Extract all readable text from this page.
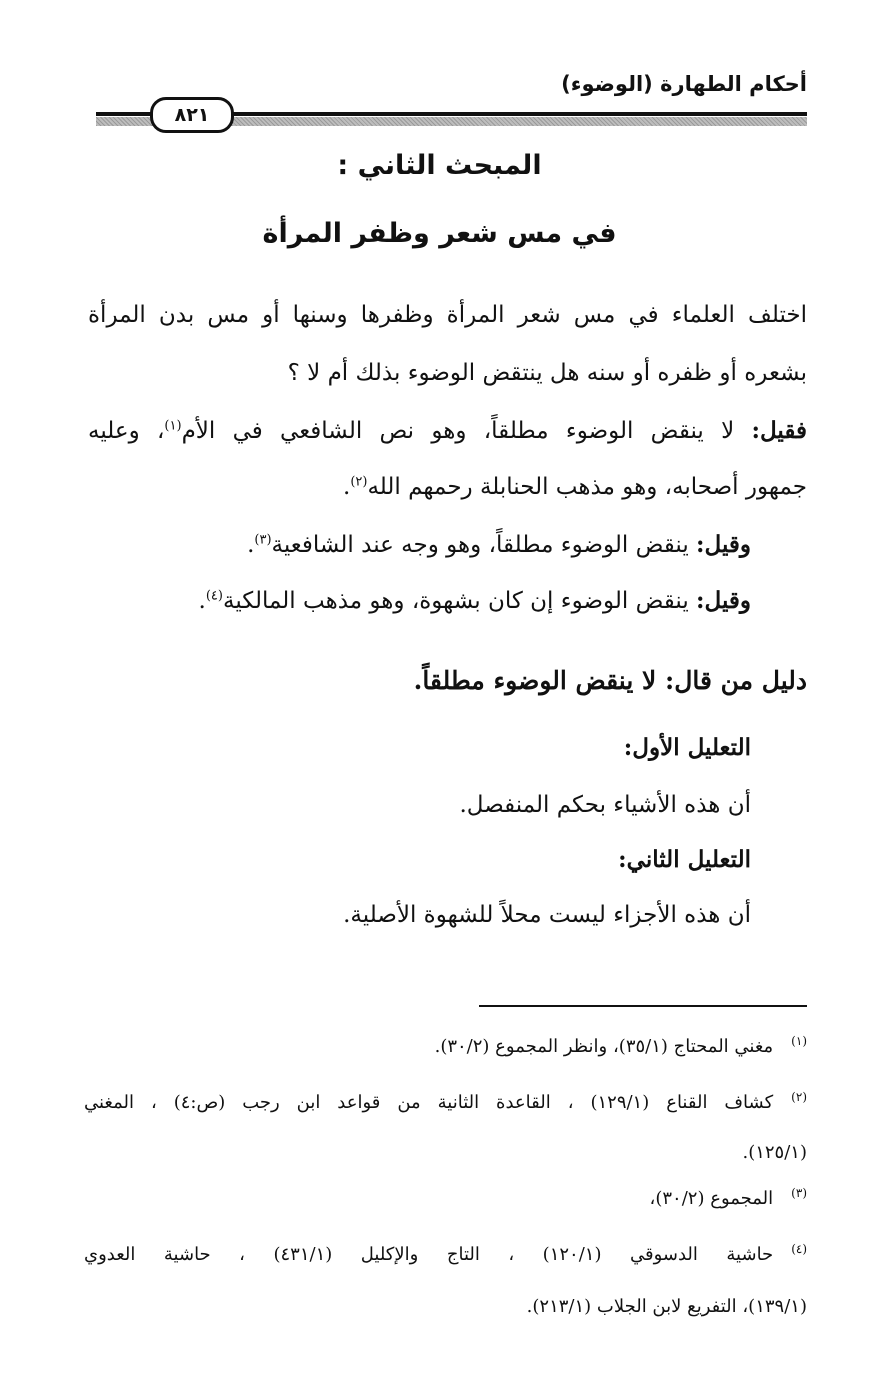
أحكام الطهارة (الوضوء)
٨٢١
المبحث الثاني :
في مس شعر وظفر المرأة
اختلف العلماء في مس شعر المرأة وظفرها وسنها أو مس بدن المرأة
بشعره أو ظفره أو سنه هل ينتقض الوضوء بذلك أم لا ؟
فقيل: لا ينقض الوضوء مطلقاً، وهو نص الشافعي في الأم$^{(١)}$، وعليه
جمهور أصحابه، وهو مذهب الحنابلة رحمهم الله$^{(٢)}$.
وقيل: ينقض الوضوء مطلقاً، وهو وجه عند الشافعية$^{(٣)}$.
وقيل: ينقض الوضوء إن كان بشهوة، وهو مذهب المالكية$^{(٤)}$.
دليل من قال: لا ينقض الوضوء مطلقاً.
التعليل الأول:
أن هذه الأشياء بحكم المنفصل.
التعليل الثاني:
أن هذه الأجزاء ليست محلاً للشهوة الأصلية.
$^{(١)}$مغني المحتاج (٣٥/١)، وانظر المجموع (٣٠/٢).
$^{(٢)}$كشاف القناع (١٢٩/١) ، القاعدة الثانية من قواعد ابن رجب (ص:٤) ، المغني
(١٢٥/١).
$^{(٣)}$المجموع (٣٠/٢)،
$^{(٤)}$حاشية الدسوقي (١٢٠/١) ، التاج والإكليل (٤٣١/١) ، حاشية العدوي
(١٣٩/١)، التفريع لابن الجلاب (٢١٣/١).
